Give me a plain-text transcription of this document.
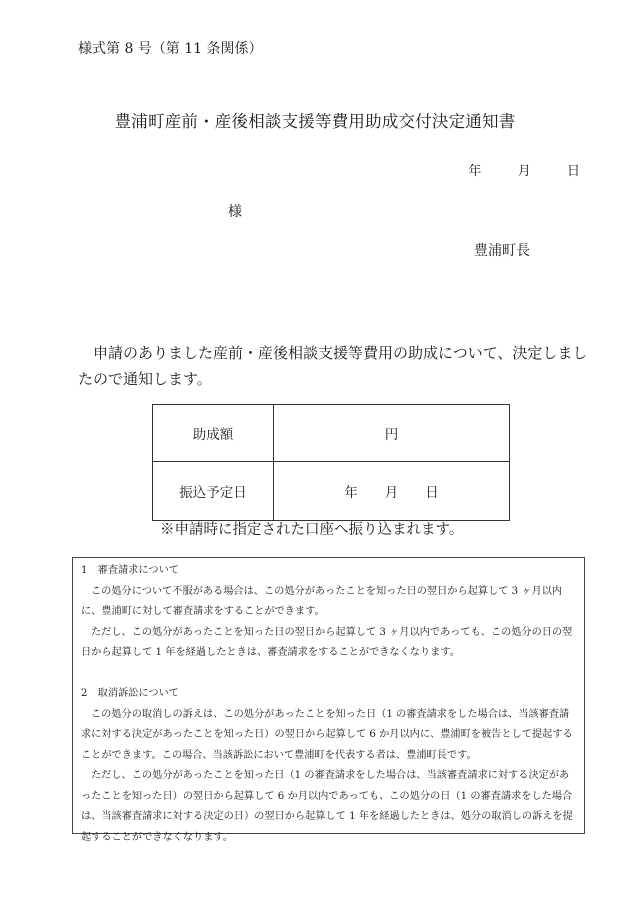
様式第 8 号（第 11 条関係）
豊浦町産前・産後相談支援等費用助成交付決定通知書
年	月	日
様
豊浦町長
申請のありました産前・産後相談支援等費用の助成について、決定しましたので通知します。
助成額	円
振込予定日	年　　月　　日
※申請時に指定された口座へ振り込まれます。

1　審査請求について

この処分について不服がある場合は、この処分があったことを知った日の翌日から起算して 3 ヶ月以内に、豊浦町に対して審査請求をすることができます。

ただし、この処分があったことを知った日の翌日から起算して 3 ヶ月以内であっても、この処分の日の翌日から起算して 1 年を経過したときは、審査請求をすることができなくなります。

2　取消訴訟について

この処分の取消しの訴えは、この処分があったことを知った日（1 の審査請求をした場合は、当該審査請求に対する決定があったことを知った日）の翌日から起算して 6 か月以内に、豊浦町を被告として提起することができます。この場合、当該訴訟において豊浦町を代表する者は、豊浦町長です。

ただし、この処分があったことを知った日（1 の審査請求をした場合は、当該審査請求に対する決定があったことを知った日）の翌日から起算して 6 か月以内であっても、この処分の日（1 の審査請求をした場合は、当該審査請求に対する決定の日）の翌日から起算して 1 年を経過したときは、処分の取消しの訴えを提起することができなくなります。
